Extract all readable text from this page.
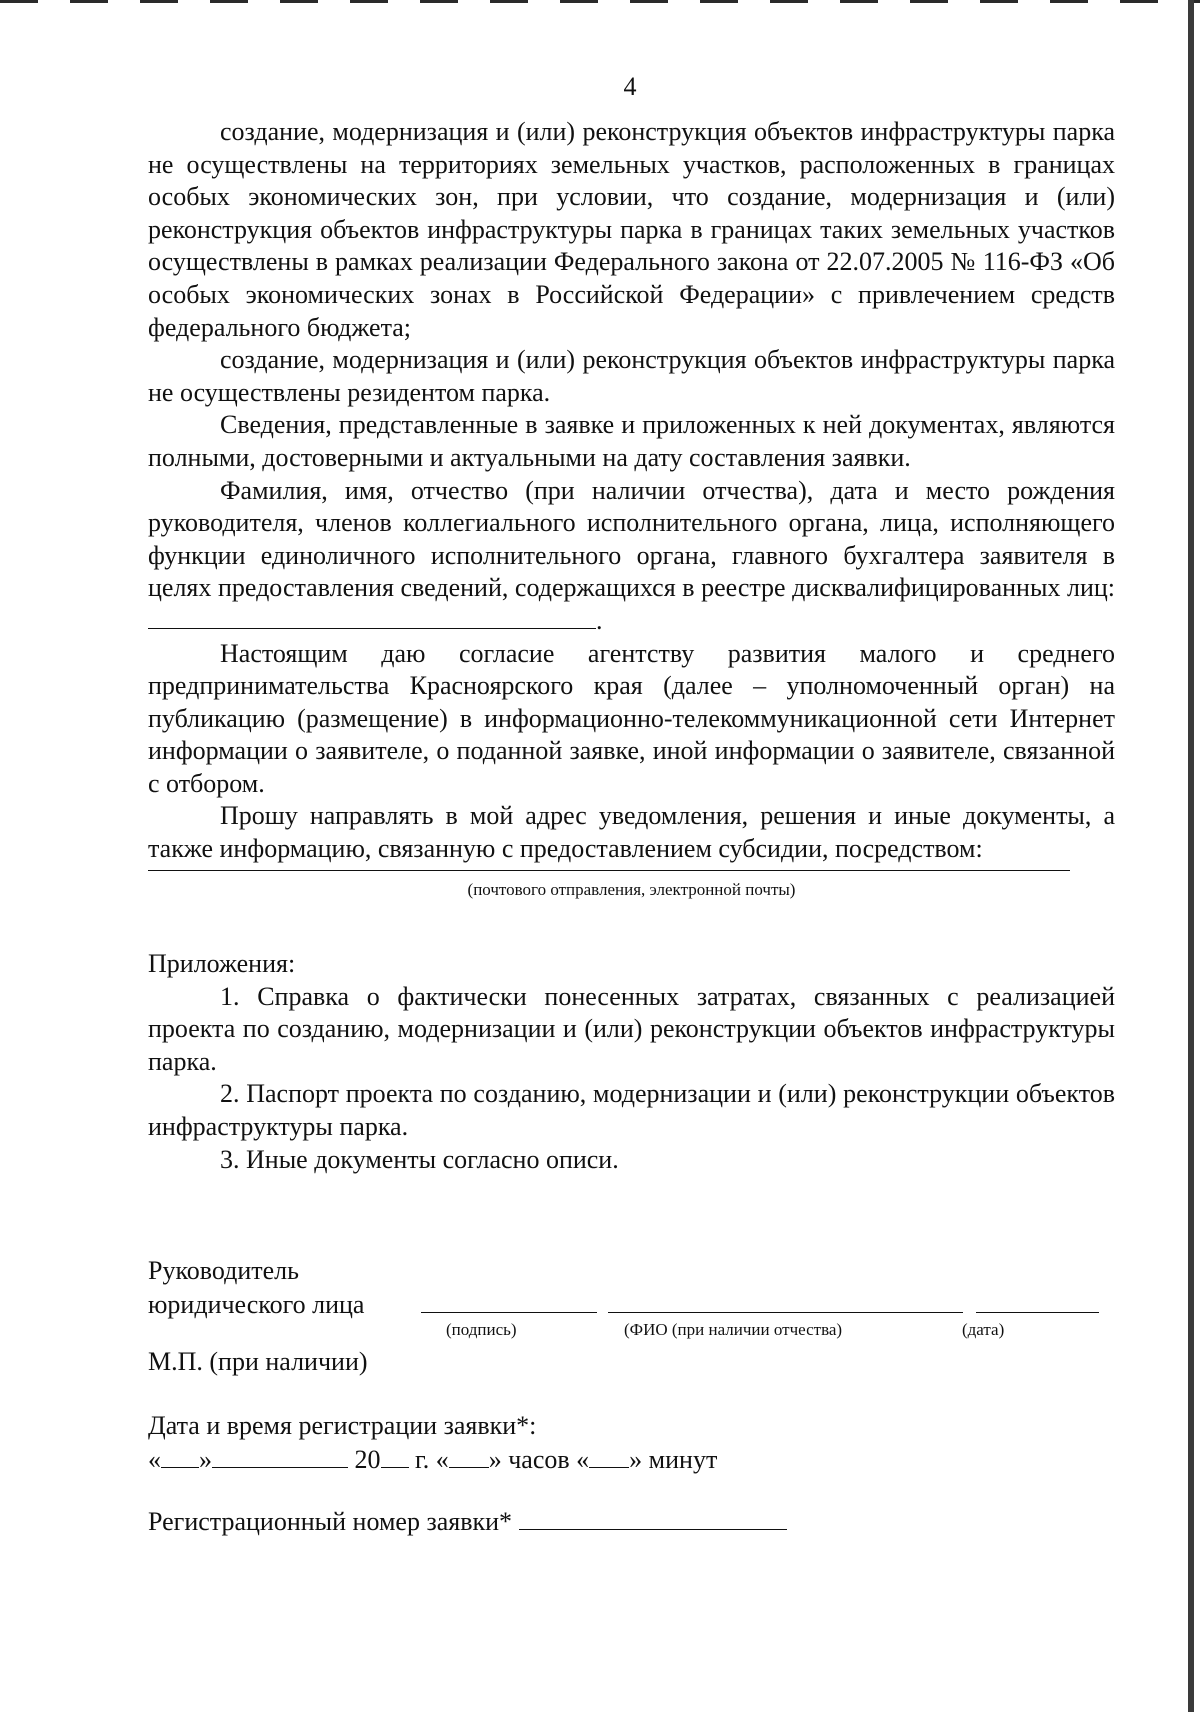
4

создание, модернизация и (или) реконструкция объектов инфраструктуры парка не осуществлены на территориях земельных участков, расположенных в границах особых экономических зон, при условии, что создание, модернизация и (или) реконструкция объектов инфраструктуры парка в границах таких земельных участков осуществлены в рамках реализации Федерального закона от 22.07.2005 № 116-ФЗ «Об особых экономических зонах в Российской Федерации» с привлечением средств федерального бюджета;

создание, модернизация и (или) реконструкция объектов инфраструктуры парка не осуществлены резидентом парка.

Сведения, представленные в заявке и приложенных к ней документах, являются полными, достоверными и актуальными на дату составления заявки.

Фамилия, имя, отчество (при наличии отчества), дата и место рождения руководителя, членов коллегиального исполнительного органа, лица, исполняющего функции единоличного исполнительного органа, главного бухгалтера заявителя в целях предоставления сведений, содержащихся в реестре дисквалифицированных лиц:.

Настоящим даю согласие агентству развития малого и среднего предпринимательства Красноярского края (далее – уполномоченный орган) на публикацию (размещение) в информационно-телекоммуникационной сети Интернет информации о заявителе, о поданной заявке, иной информации о заявителе, связанной с отбором.

Прошу направлять в мой адрес уведомления, решения и иные документы, а также информацию, связанную с предоставлением субсидии, посредством:

(почтового отправления, электронной почты)

Приложения:

1. Справка о фактически понесенных затратах, связанных с реализацией проекта по созданию, модернизации и (или) реконструкции объектов инфраструктуры парка.

2. Паспорт проекта по созданию, модернизации и (или) реконструкции объектов инфраструктуры парка.

3. Иные документы согласно описи.

Руководитель
юридического лица
(подпись)	(ФИО (при наличии отчества)	(дата)
М.П. (при наличии)
Дата и время регистрации заявки*:
« »	20 г. « » часов « » минут
Регистрационный номер заявки*
